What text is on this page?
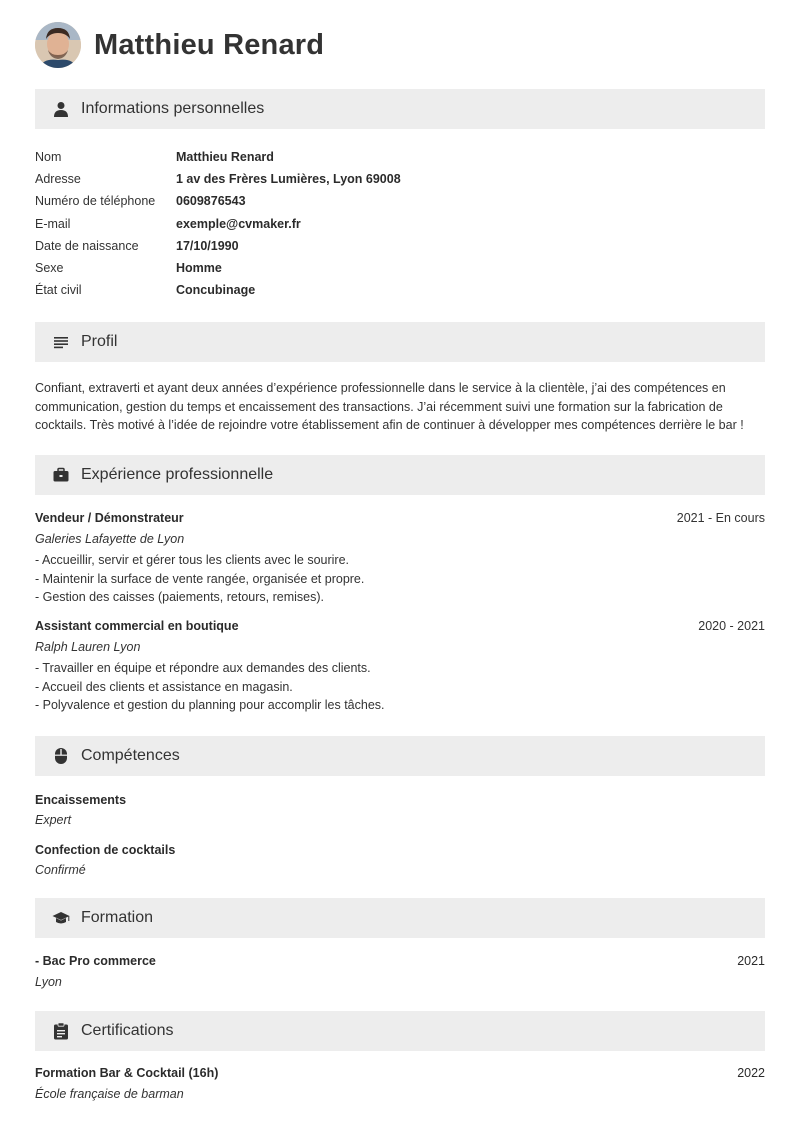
Matthieu Renard
Informations personnelles
Nom	Matthieu Renard
Adresse	1 av des Frères Lumières, Lyon 69008
Numéro de téléphone	0609876543
E-mail	exemple@cvmaker.fr
Date de naissance	17/10/1990
Sexe	Homme
État civil	Concubinage
Profil
Confiant, extraverti et ayant deux années d’expérience professionnelle dans le service à la clientèle, j’ai des compétences en
communication, gestion du temps et encaissement des transactions. J’ai récemment suivi une formation sur la fabrication de
cocktails. Très motivé à l’idée de rejoindre votre établissement afin de continuer à développer mes compétences derrière le bar !
Expérience professionnelle
Vendeur / Démonstrateur	2021 - En cours
Galeries Lafayette de Lyon
- Accueillir, servir et gérer tous les clients avec le sourire.
- Maintenir la surface de vente rangée, organisée et propre.
- Gestion des caisses (paiements, retours, remises).
Assistant commercial en boutique	2020 - 2021
Ralph Lauren Lyon
- Travailler en équipe et répondre aux demandes des clients.
- Accueil des clients et assistance en magasin.
- Polyvalence et gestion du planning pour accomplir les tâches.
Compétences
Encaissements
Expert
Confection de cocktails
Confirmé
Formation
- Bac Pro commerce	2021
Lyon
Certifications
Formation Bar & Cocktail (16h)	2022
École française de barman
